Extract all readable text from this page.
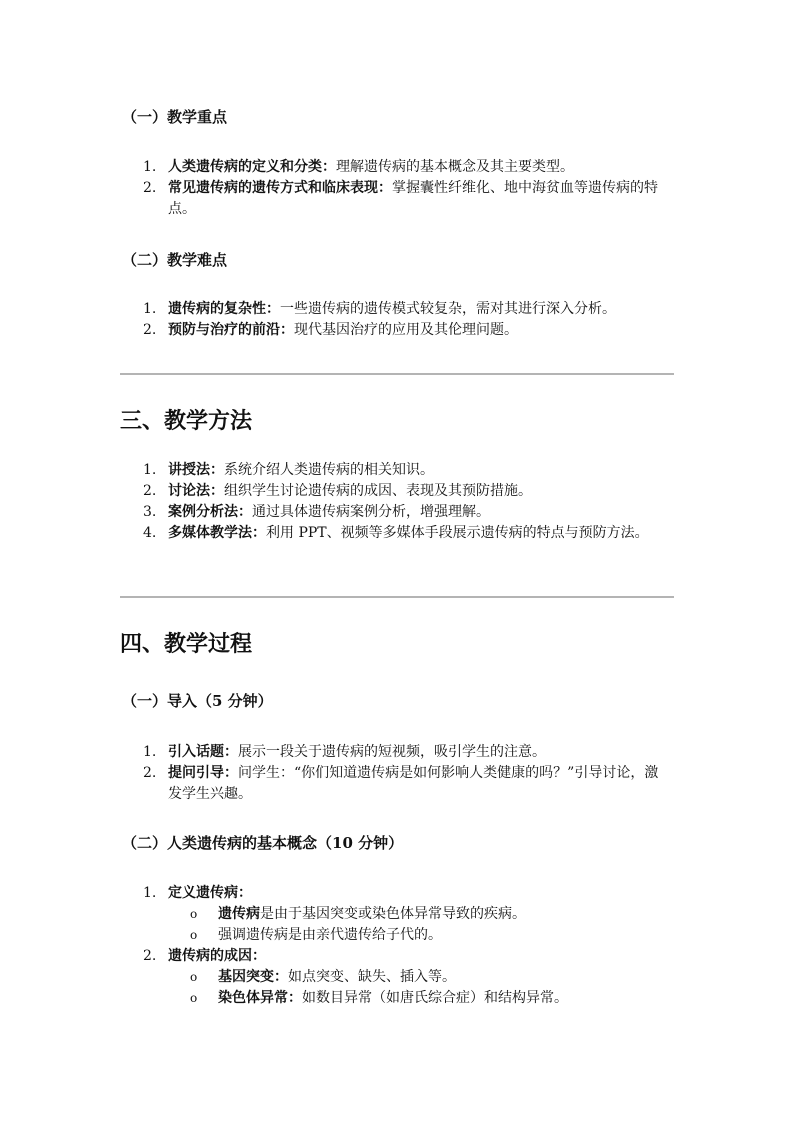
（一）教学重点
1. 人类遗传病的定义和分类：理解遗传病的基本概念及其主要类型。
2. 常见遗传病的遗传方式和临床表现：掌握囊性纤维化、地中海贫血等遗传病的特点。
（二）教学难点
1. 遗传病的复杂性：一些遗传病的遗传模式较复杂，需对其进行深入分析。
2. 预防与治疗的前沿：现代基因治疗的应用及其伦理问题。
三、教学方法
1. 讲授法：系统介绍人类遗传病的相关知识。
2. 讨论法：组织学生讨论遗传病的成因、表现及其预防措施。
3. 案例分析法：通过具体遗传病案例分析，增强理解。
4. 多媒体教学法：利用 PPT、视频等多媒体手段展示遗传病的特点与预防方法。
四、教学过程
（一）导入（5 分钟）
1. 引入话题：展示一段关于遗传病的短视频，吸引学生的注意。
2. 提问引导：问学生：“你们知道遗传病是如何影响人类健康的吗？”引导讨论，激发学生兴趣。
（二）人类遗传病的基本概念（10 分钟）
1. 定义遗传病：
o 遗传病是由于基因突变或染色体异常导致的疾病。
o 强调遗传病是由亲代遗传给子代的。
2. 遗传病的成因：
o 基因突变：如点突变、缺失、插入等。
o 染色体异常：如数目异常（如唐氏综合症）和结构异常。
